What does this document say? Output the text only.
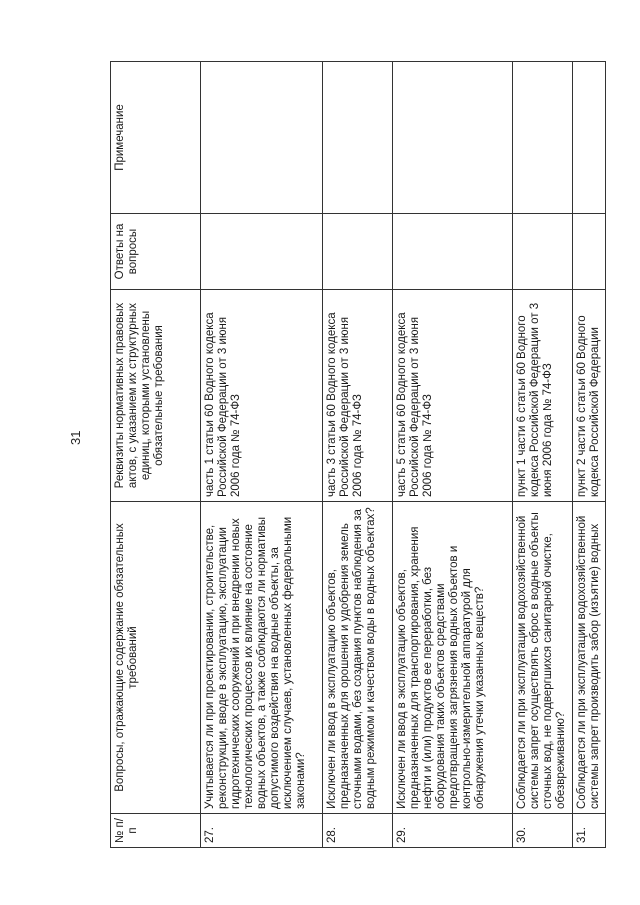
31
№ п/п	Вопросы, отражающие содержание обязательных требований	Реквизиты нормативных правовых актов, с указанием их структурных единиц, которыми установлены обязательные требования	Ответы на вопросы	Примечание
27.	Учитывается ли при проектировании, строительстве, реконструкции, вводе в эксплуатацию, эксплуатации гидротехнических сооружений и при внедрении новых технологических процессов их влияние на состояние водных объектов, а также соблюдаются ли нормативы допустимого воздействия на водные объекты, за исключением случаев, установленных федеральными законами?	часть 1 статьи 60 Водного кодекса Российской Федерации от 3 июня 2006 года № 74-ФЗ		
28.	Исключен ли ввод в эксплуатацию объектов, предназначенных для орошения и удобрения земель сточными водами, без создания пунктов наблюдения за водным режимом и качеством воды в водных объектах?	часть 3 статьи 60 Водного кодекса Российской Федерации от 3 июня 2006 года № 74-ФЗ		
29.	Исключен ли ввод в эксплуатацию объектов, предназначенных для транспортирования, хранения нефти и (или) продуктов ее переработки, без оборудования таких объектов средствами предотвращения загрязнения водных объектов и контрольно-измерительной аппаратурой для обнаружения утечки указанных веществ?	часть 5 статьи 60 Водного кодекса Российской Федерации от 3 июня 2006 года № 74-ФЗ		
30.	Соблюдается ли при эксплуатации водохозяйственной системы запрет осуществлять сброс в водные объекты сточных вод, не подвергшихся санитарной очистке, обезвреживанию?	пункт 1 части 6 статьи 60 Водного кодекса Российской Федерации от 3 июня 2006 года № 74-ФЗ		
31.	Соблюдается ли при эксплуатации водохозяйственной системы запрет производить забор (изъятие) водных	пункт 2 части 6 статьи 60 Водного кодекса Российской Федерации		
